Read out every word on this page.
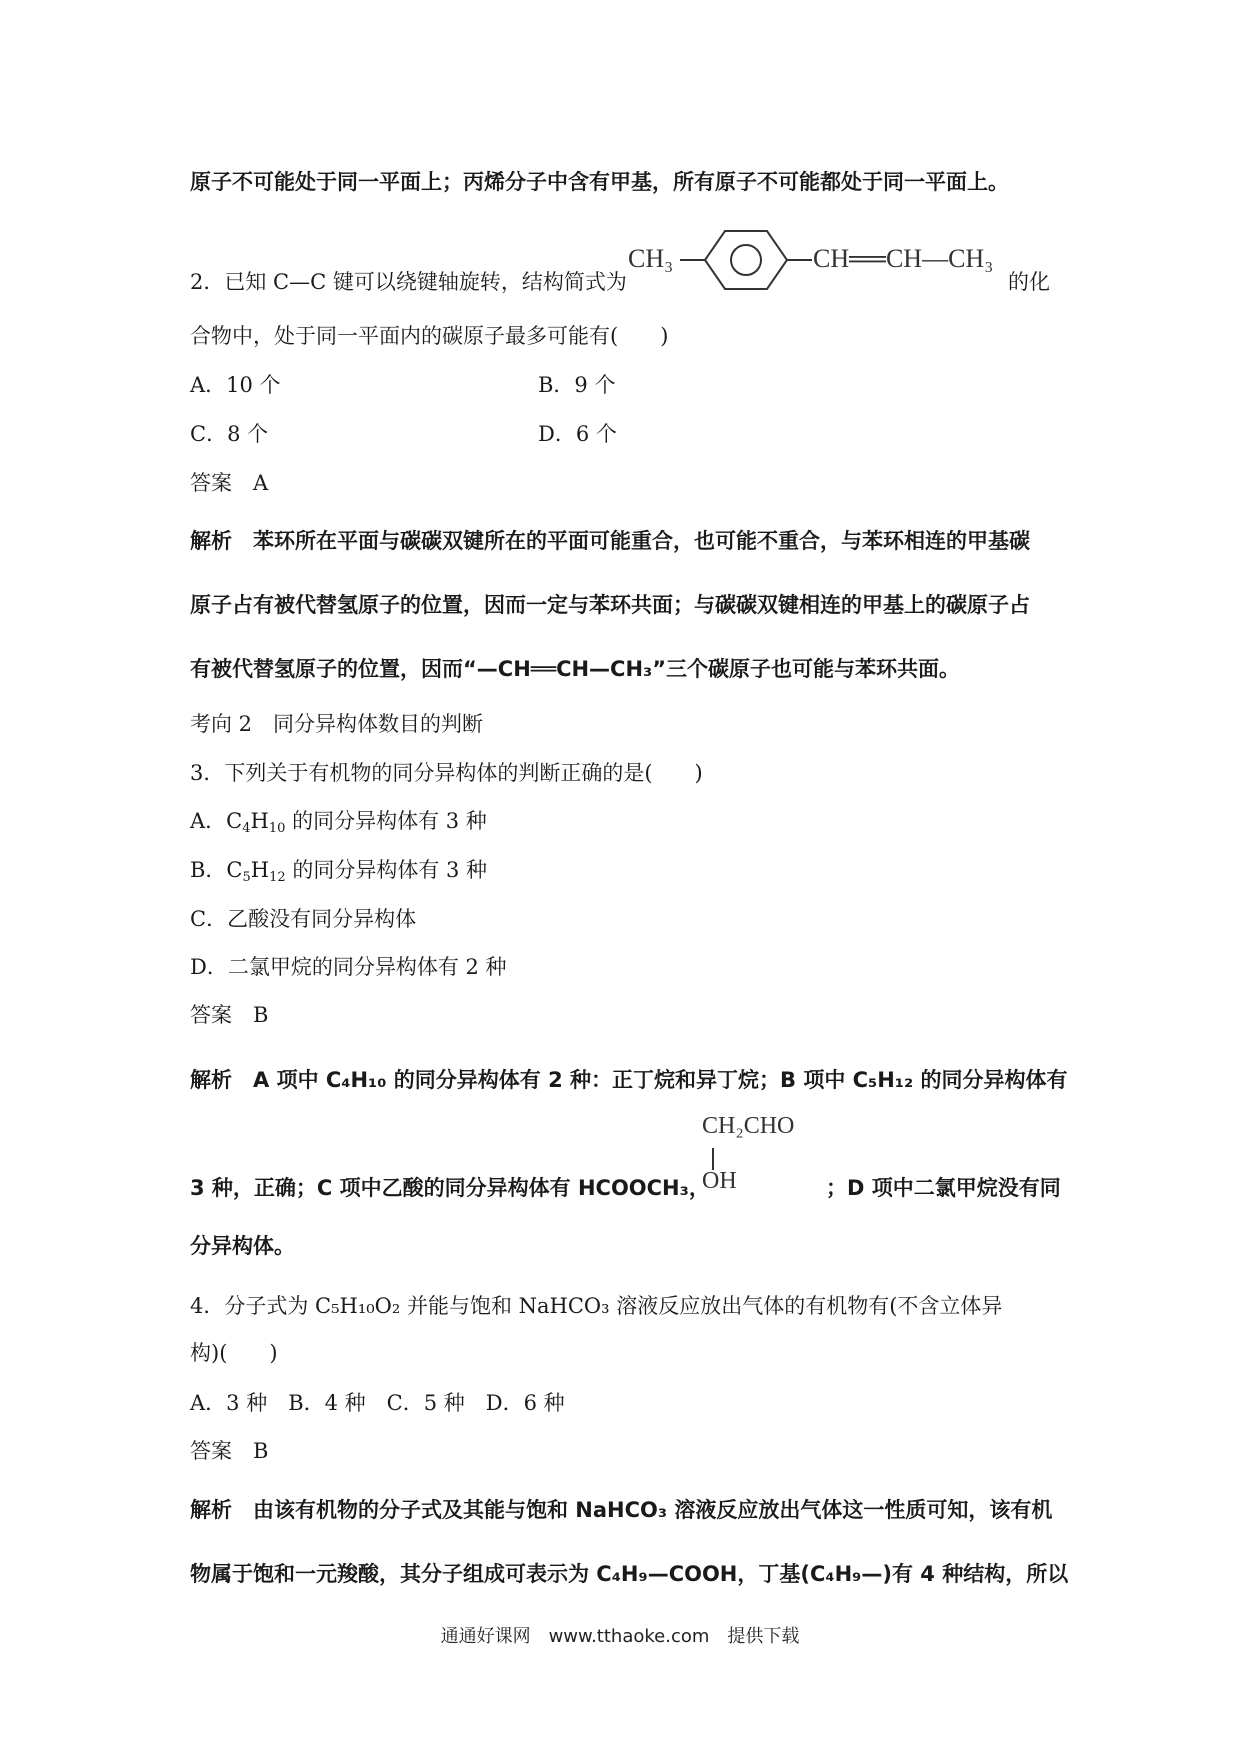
原子不可能处于同一平面上；丙烯分子中含有甲基，所有原子不可能都处于同一平面上。
2．已知 C—C 键可以绕键轴旋转，结构简式为
CH₃	CH══CH—CH₃
的化
合物中，处于同一平面内的碳原子最多可能有(　　)
A．10 个	B．9 个
C．8 个	D．6 个
答案　A
解析　苯环所在平面与碳碳双键所在的平面可能重合，也可能不重合，与苯环相连的甲基碳
原子占有被代替氢原子的位置，因而一定与苯环共面；与碳碳双键相连的甲基上的碳原子占
有被代替氢原子的位置，因而“—CH══CH—CH₃”三个碳原子也可能与苯环共面。
考向 2　同分异构体数目的判断
3．下列关于有机物的同分异构体的判断正确的是(　　)
A．$C_4H_{10}$ 的同分异构体有 3 种
B．$C_5H_{12}$ 的同分异构体有 3 种
C．乙酸没有同分异构体
D．二氯甲烷的同分异构体有 2 种
答案　B
解析　A 项中 C₄H₁₀ 的同分异构体有 2 种：正丁烷和异丁烷；B 项中 C₅H₁₂ 的同分异构体有
CH₂CHO
OH
3 种，正确；C 项中乙酸的同分异构体有 HCOOCH₃，	；D 项中二氯甲烷没有同
分异构体。
4．分子式为 C₅H₁₀O₂ 并能与饱和 NaHCO₃ 溶液反应放出气体的有机物有(不含立体异
构)(　　)
A．3 种　B．4 种　C．5 种　D．6 种
答案　B
解析　由该有机物的分子式及其能与饱和 NaHCO₃ 溶液反应放出气体这一性质可知，该有机
物属于饱和一元羧酸，其分子组成可表示为 C₄H₉—COOH，丁基(C₄H₉—)有 4 种结构，所以
通通好课网　www.tthaoke.com　提供下载
